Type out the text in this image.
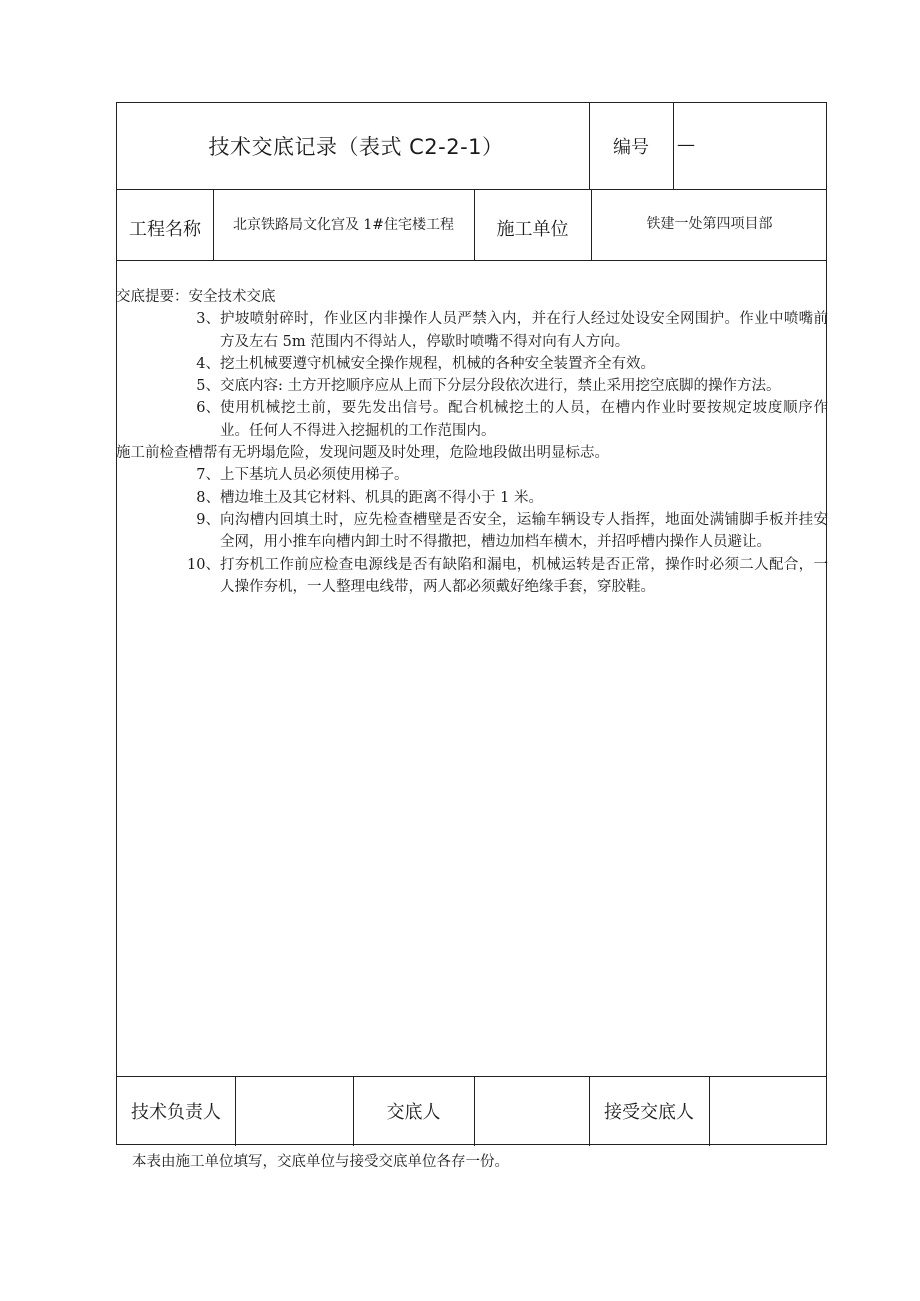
技术交底记录（表式 C2-2-1）	编号	—
工程名称	北京铁路局文化宫及 1#住宅楼工程	施工单位	铁建一处第四项目部
技术负责人	交底人	接受交底人

交底提要：安全技术交底

3、 护坡喷射碎时，作业区内非操作人员严禁入内，并在行人经过处设安全网围护。作业中喷嘴前方及左右 5m 范围内不得站人，停歇时喷嘴不得对向有人方向。
4、 挖土机械要遵守机械安全操作规程，机械的各种安全装置齐全有效。
5、 交底内容: 土方开挖顺序应从上而下分层分段依次进行，禁止采用挖空底脚的操作方法。
6、 使用机械挖土前，要先发出信号。配合机械挖土的人员，在槽内作业时要按规定坡度顺序作业。任何人不得进入挖掘机的工作范围内。

施工前检查槽帮有无坍塌危险，发现问题及时处理，危险地段做出明显标志。

7、 上下基坑人员必须使用梯子。
8、 槽边堆土及其它材料、机具的距离不得小于 1 米。
9、 向沟槽内回填土时，应先检查槽壁是否安全，运输车辆设专人指挥，地面处满铺脚手板并挂安全网，用小推车向槽内卸土时不得撒把，槽边加档车横木，并招呼槽内操作人员避让。
10、 打夯机工作前应检查电源线是否有缺陷和漏电，机械运转是否正常，操作时必须二人配合，一人操作夯机，一人整理电线带，两人都必须戴好绝缘手套，穿胶鞋。
本表由施工单位填写，交底单位与接受交底单位各存一份。
